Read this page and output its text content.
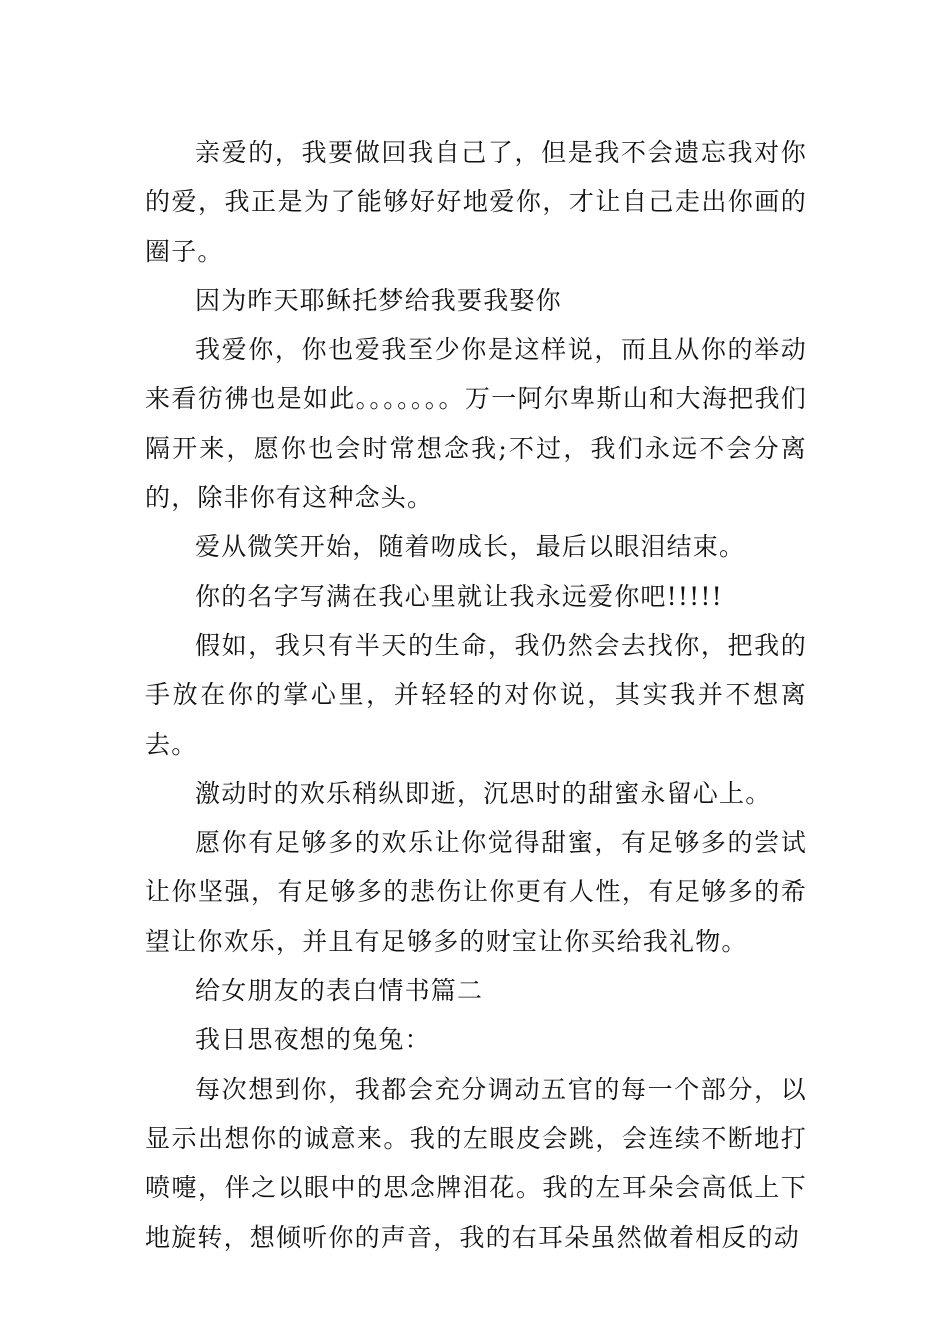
亲爱的，我要做回我自己了，但是我不会遗忘我对你的爱，我正是为了能够好好地爱你，才让自己走出你画的圈子。

因为昨天耶稣托梦给我要我娶你

我爱你，你也爱我至少你是这样说，而且从你的举动来看彷彿也是如此。。。。。。。万一阿尔卑斯山和大海把我们隔开来，愿你也会时常想念我;不过，我们永远不会分离的，除非你有这种念头。

爱从微笑开始，随着吻成长，最后以眼泪结束。

你的名字写满在我心里就让我永远爱你吧!!!!!

假如，我只有半天的生命，我仍然会去找你，把我的手放在你的掌心里，并轻轻的对你说，其实我并不想离去。

激动时的欢乐稍纵即逝，沉思时的甜蜜永留心上。

愿你有足够多的欢乐让你觉得甜蜜，有足够多的尝试让你坚强，有足够多的悲伤让你更有人性，有足够多的希望让你欢乐，并且有足够多的财宝让你买给我礼物。

给女朋友的表白情书篇二

我日思夜想的兔兔：

每次想到你，我都会充分调动五官的每一个部分，以显示出想你的诚意来。我的左眼皮会跳，会连续不断地打喷嚏，伴之以眼中的思念牌泪花。我的左耳朵会高低上下地旋转，想倾听你的声音，我的右耳朵虽然做着相反的动
